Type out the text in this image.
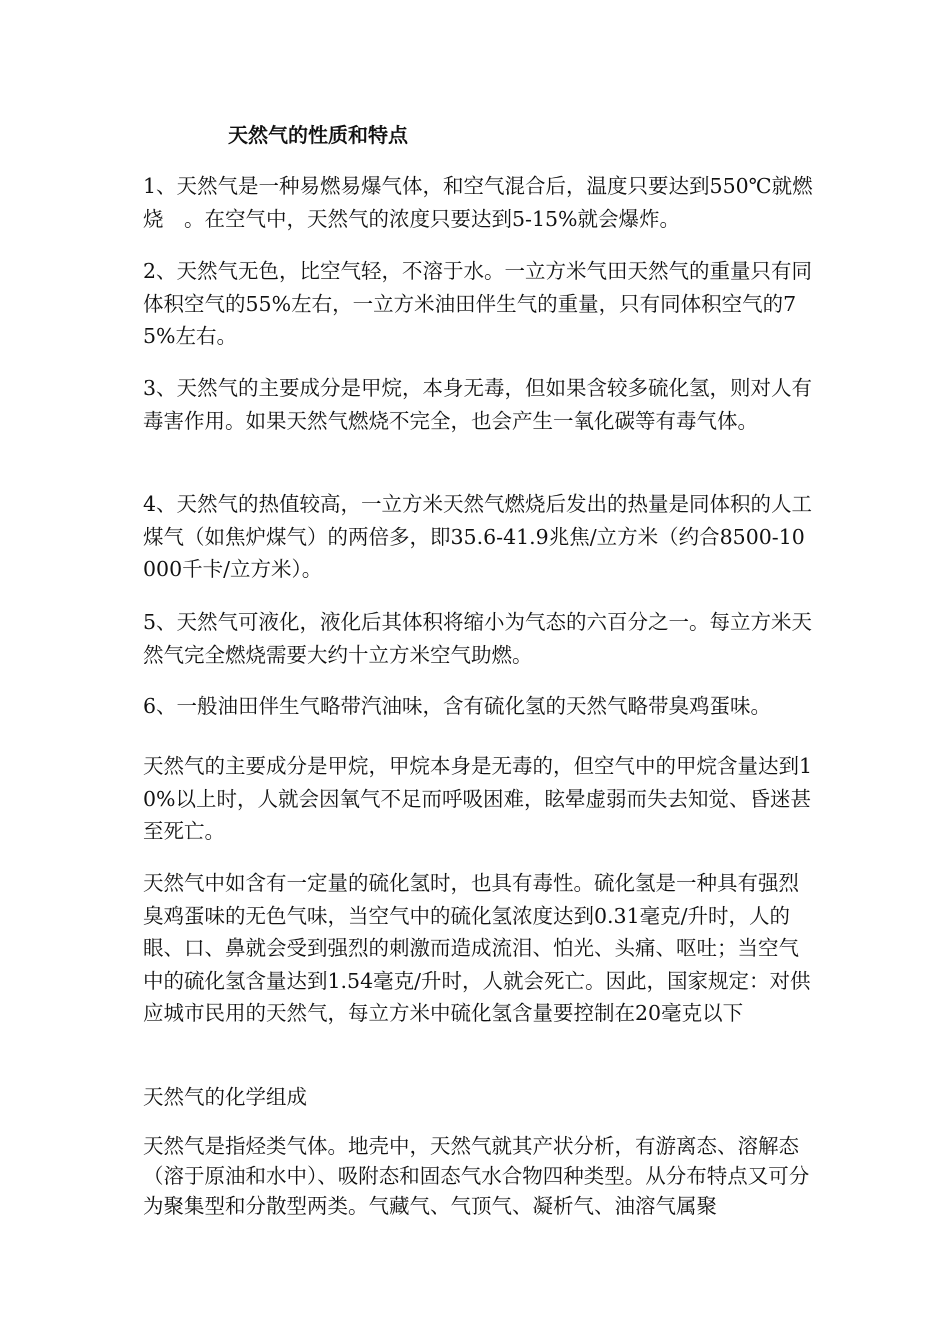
天然气的性质和特点

1、天然气是一种易燃易爆气体，和空气混合后，温度只要达到550℃就燃烧　。在空气中，天然气的浓度只要达到5-15%就会爆炸。

2、天然气无色，比空气轻，不溶于水。一立方米气田天然气的重量只有同体积空气的55%左右，一立方米油田伴生气的重量，只有同体积空气的75%左右。

3、天然气的主要成分是甲烷，本身无毒，但如果含较多硫化氢，则对人有毒害作用。如果天然气燃烧不完全，也会产生一氧化碳等有毒气体。

4、天然气的热值较高，一立方米天然气燃烧后发出的热量是同体积的人工煤气（如焦炉煤气）的两倍多，即35.6-41.9兆焦/立方米（约合8500-10000千卡/立方米）。

5、天然气可液化，液化后其体积将缩小为气态的六百分之一。每立方米天然气完全燃烧需要大约十立方米空气助燃。

6、一般油田伴生气略带汽油味，含有硫化氢的天然气略带臭鸡蛋味。

天然气的主要成分是甲烷，甲烷本身是无毒的，但空气中的甲烷含量达到10%以上时，人就会因氧气不足而呼吸困难，眩晕虚弱而失去知觉、昏迷甚至死亡。

天然气中如含有一定量的硫化氢时，也具有毒性。硫化氢是一种具有强烈臭鸡蛋味的无色气味，当空气中的硫化氢浓度达到0.31毫克/升时，人的眼、口、鼻就会受到强烈的刺激而造成流泪、怕光、头痛、呕吐；当空气中的硫化氢含量达到1.54毫克/升时，人就会死亡。因此，国家规定：对供应城市民用的天然气，每立方米中硫化氢含量要控制在20毫克以下

天然气的化学组成

天然气是指烃类气体。地壳中，天然气就其产状分析，有游离态、溶解态（溶于原油和水中）、吸附态和固态气水合物四种类型。从分布特点又可分为聚集型和分散型两类。气藏气、气顶气、凝析气、油溶气属聚
